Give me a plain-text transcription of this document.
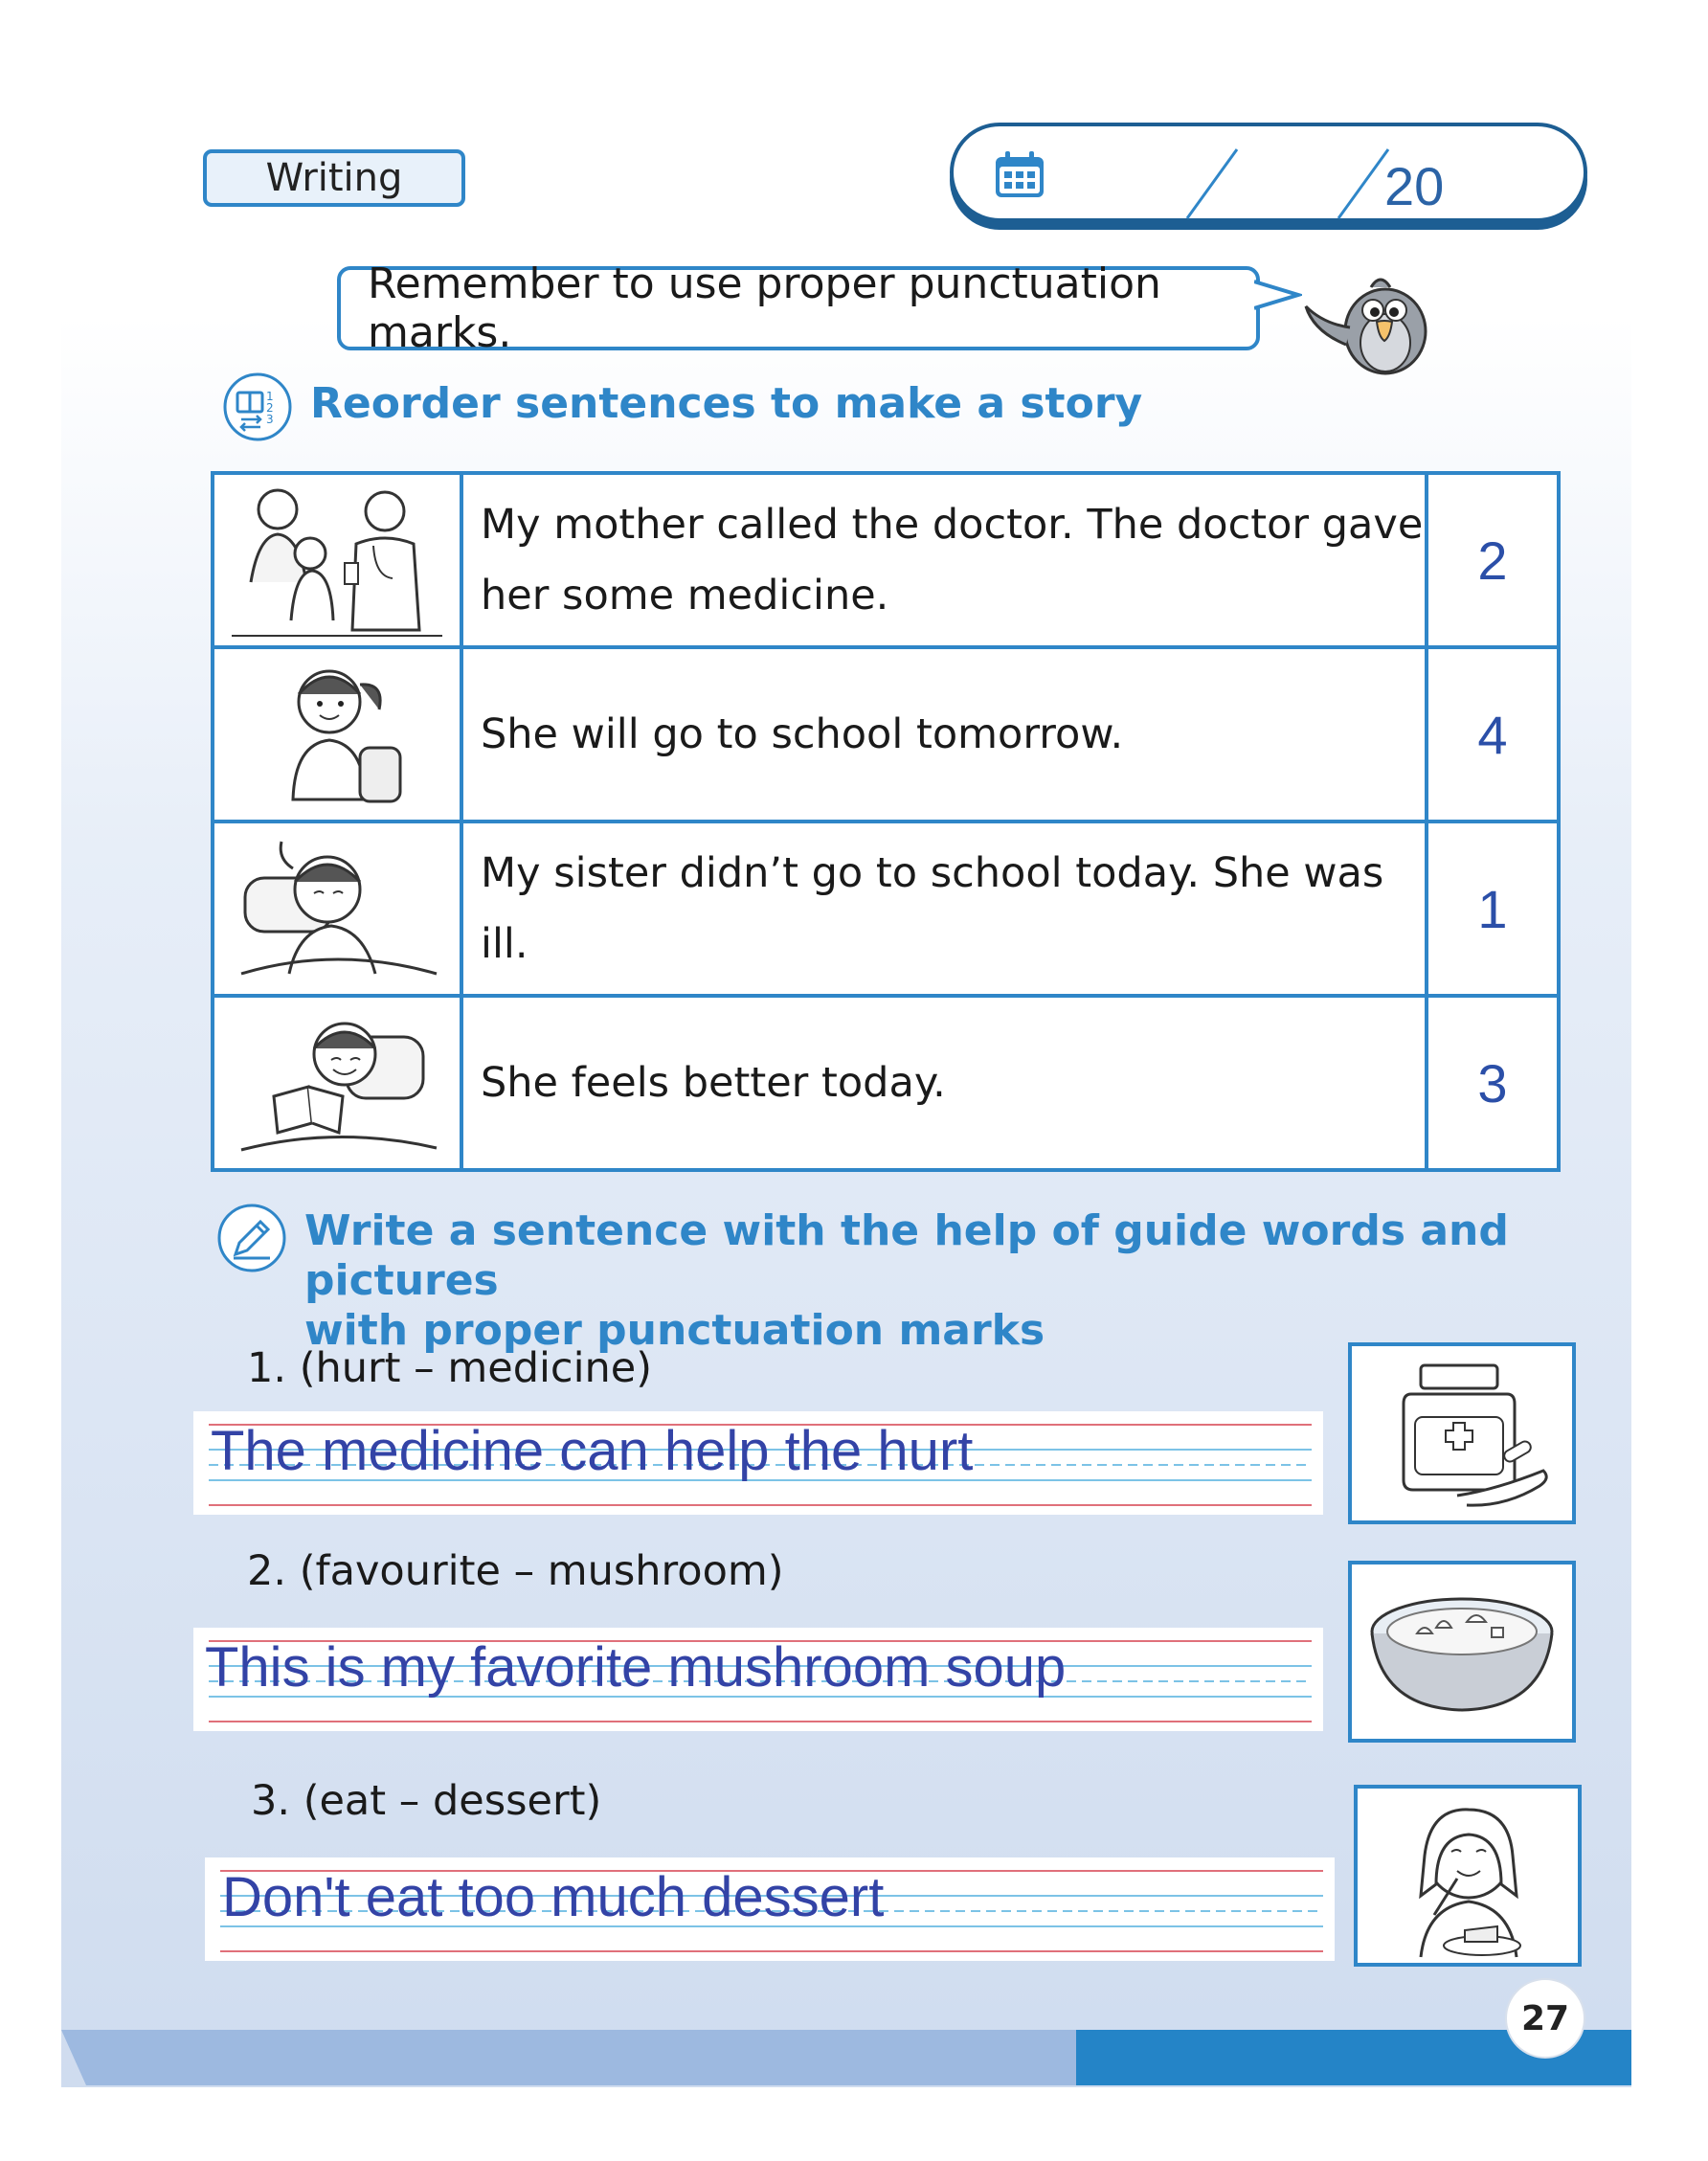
27
Writing	20
Remember to use proper punctuation marks.
1
2
3 Reorder sentences to make a story

My mother called the doctor. The doctor gave
her some medicine.	2

She will go to school tomorrow.	4

My sister didn’t go to school today. She was ill.	1

She feels better today.	3
Write a sentence with the help of guide words and pictures
with proper punctuation marks
1. (hurt – medicine)
The medicine can help the hurt
2. (favourite – mushroom)
This is my favorite mushroom soup
3. (eat – dessert)
Don't eat too much dessert
